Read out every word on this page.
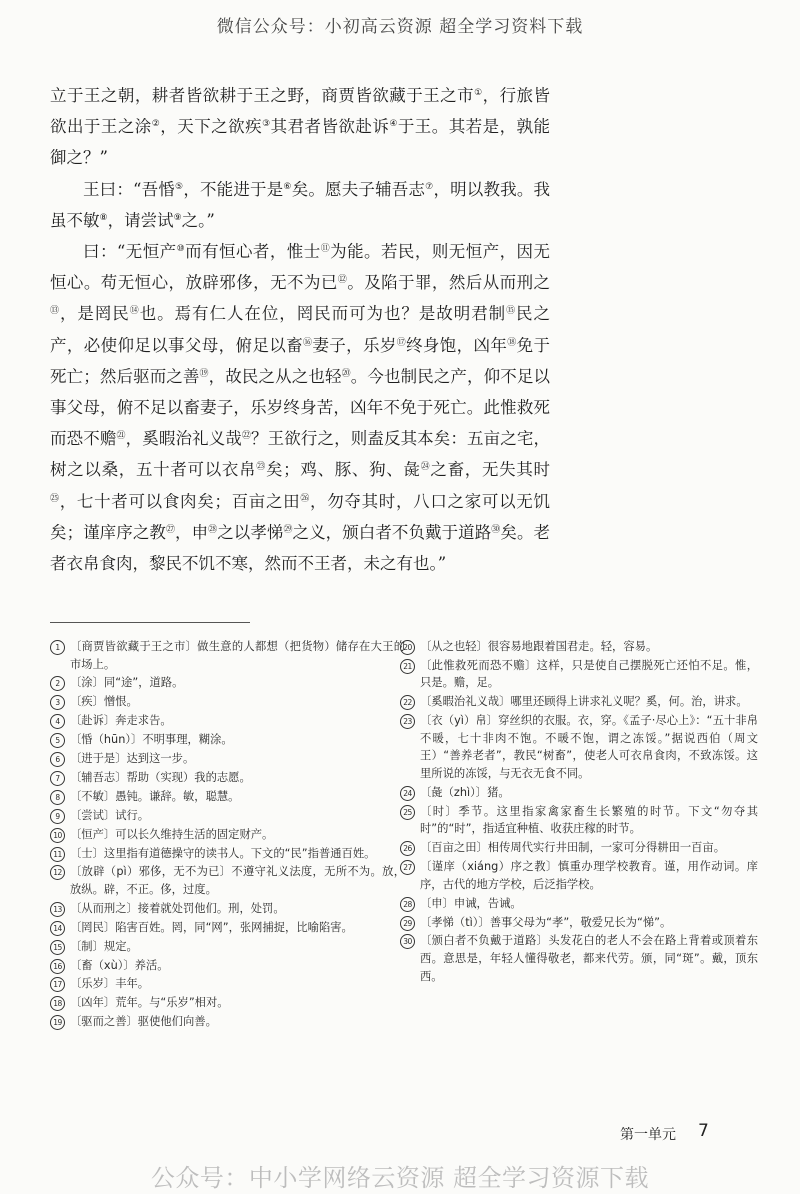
微信公众号：小初高云资源 超全学习资料下载

立于王之朝，耕者皆欲耕于王之野，商贾皆欲藏于王之市①，行旅皆欲出于王之涂②，天下之欲疾③其君者皆欲赴诉④于王。其若是，孰能御之？”

王曰：“吾惛⑤，不能进于是⑥矣。愿夫子辅吾志⑦，明以教我。我虽不敏⑧，请尝试⑨之。”

曰：“无恒产⑩而有恒心者，惟士⑪为能。若民，则无恒产，因无恒心。苟无恒心，放辟邪侈，无不为已⑫。及陷于罪，然后从而刑之⑬，是罔民⑭也。焉有仁人在位，罔民而可为也？是故明君制⑮民之产，必使仰足以事父母，俯足以畜⑯妻子，乐岁⑰终身饱，凶年⑱免于死亡；然后驱而之善⑲，故民之从之也轻⑳。今也制民之产，仰不足以事父母，俯不足以畜妻子，乐岁终身苦，凶年不免于死亡。此惟救死而恐不赡$^㉑$，奚暇治礼义哉$^㉒$？王欲行之，则盍反其本矣：五亩之宅，树之以桑，五十者可以衣帛$^㉓$矣；鸡、豚、狗、彘$^㉔$之畜，无失其时$^㉕$，七十者可以食肉矣；百亩之田$^㉖$，勿夺其时，八口之家可以无饥矣；谨庠序之教$^㉗$，申$^㉘$之以孝悌$^㉙$之义，颁白者不负戴于道路$^㉚$矣。老者衣帛食肉，黎民不饥不寒，然而不王者，未之有也。”

1 〔商贾皆欲藏于王之市〕做生意的人都想（把货物）储存在大王的市场上。
2 〔涂〕同“途”，道路。
3 〔疾〕憎恨。
4 〔赴诉〕奔走求告。
5 〔惛（hūn）〕不明事理，糊涂。
6 〔进于是〕达到这一步。
7 〔辅吾志〕帮助（实现）我的志愿。
8 〔不敏〕愚钝。谦辞。敏，聪慧。
9 〔尝试〕试行。
10 〔恒产〕可以长久维持生活的固定财产。
11 〔士〕这里指有道德操守的读书人。下文的“民”指普通百姓。
12 〔放辟（pì）邪侈，无不为已〕不遵守礼义法度，无所不为。放，放纵。辟，不正。侈，过度。
13 〔从而刑之〕接着就处罚他们。刑，处罚。
14 〔罔民〕陷害百姓。罔，同“网”，张网捕捉，比喻陷害。
15 〔制〕规定。
16 〔畜（xù）〕养活。
17 〔乐岁〕丰年。
18 〔凶年〕荒年。与“乐岁”相对。
19 〔驱而之善〕驱使他们向善。
20 〔从之也轻〕很容易地跟着国君走。轻，容易。
21 〔此惟救死而恐不赡〕这样，只是使自己摆脱死亡还怕不足。惟，只是。赡，足。
22 〔奚暇治礼义哉〕哪里还顾得上讲求礼义呢？奚，何。治，讲求。
23 〔衣（yì）帛〕穿丝织的衣服。衣，穿。《孟子·尽心上》：“五十非帛不暖，七十非肉不饱。不暖不饱，谓之冻馁。”据说西伯（周文王）“善养老者”，教民“树畜”，使老人可衣帛食肉，不致冻馁。这里所说的冻馁，与无衣无食不同。
24 〔彘（zhì）〕猪。
25 〔时〕季节。这里指家禽家畜生长繁殖的时节。下文“勿夺其时”的“时”，指适宜种植、收获庄稼的时节。
26 〔百亩之田〕相传周代实行井田制，一家可分得耕田一百亩。
27 〔谨庠（xiáng）序之教〕慎重办理学校教育。谨，用作动词。庠序，古代的地方学校，后泛指学校。
28 〔申〕申诫，告诫。
29 〔孝悌（tì）〕善事父母为“孝”，敬爱兄长为“悌”。
30 〔颁白者不负戴于道路〕头发花白的老人不会在路上背着或顶着东西。意思是，年轻人懂得敬老，都来代劳。颁，同“斑”。戴，顶东西。
第一单元 7
公众号：中小学网络云资源 超全学习资源下载
